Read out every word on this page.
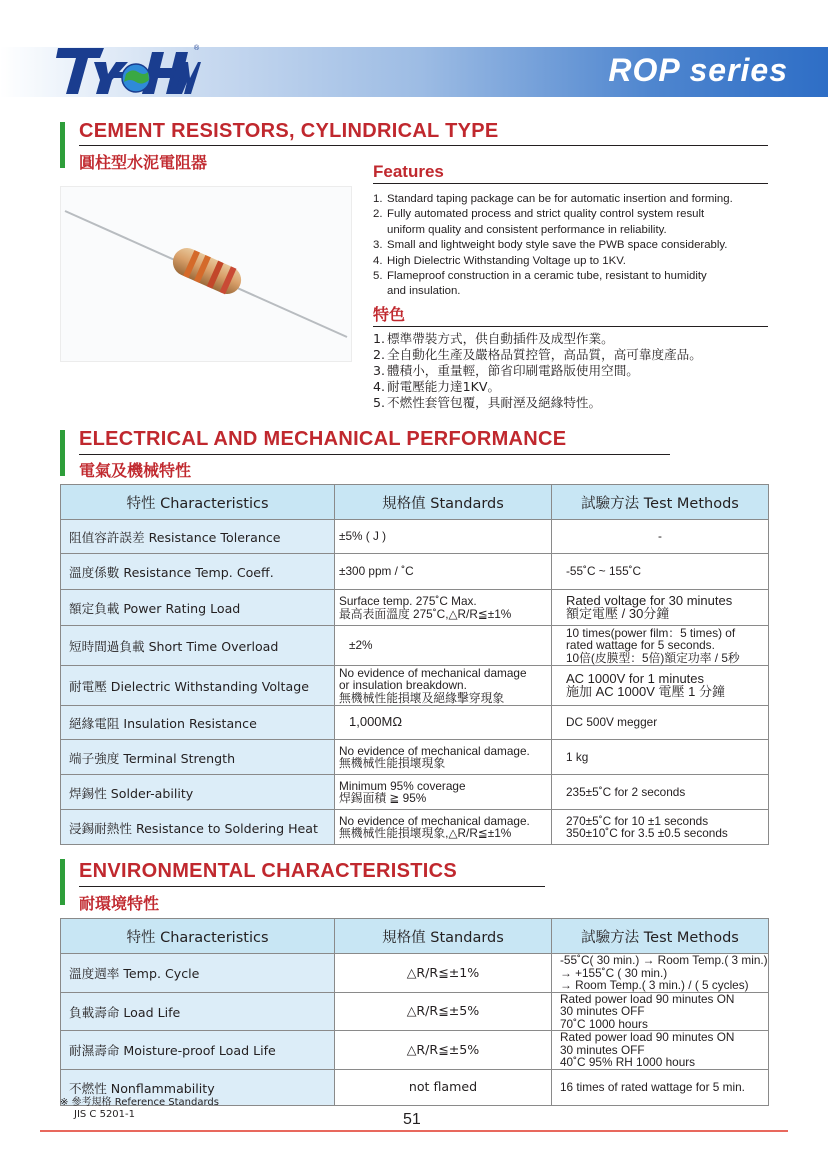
ROP series
®
CEMENT RESISTORS, CYLINDRICAL TYPE
圓柱型水泥電阻器	Features
1. Standard taping package can be for automatic insertion and forming.
2. Fully automated process and strict quality control system result
uniform quality and consistent performance in reliability.
3. Small and lightweight body style save the PWB space considerably.
4. High Dielectric Withstanding Voltage up to 1KV.
5. Flameproof construction in a ceramic tube, resistant to humidity
and insulation.
特色
1. 標準帶裝方式，供自動插件及成型作業。
2. 全自動化生產及嚴格品質控管，高品質，高可靠度產品。
3. 體積小，重量輕，節省印刷電路版使用空間。
4. 耐電壓能力達1KV。
5. 不燃性套管包覆，具耐溼及絕緣特性。
ELECTRICAL AND MECHANICAL PERFORMANCE
電氣及機械特性
特性 Characteristics	規格值 Standards	試驗方法 Test Methods
阻值容許誤差 Resistance Tolerance	±5% ( J )	-

溫度係數 Resistance Temp. Coeff.	±300 ppm / ˚C	-55˚C ~ 155˚C

額定負載 Power Rating Load	Surface temp. 275˚C Max.
最高表面溫度 275˚C,△R/R≦±1%	Rated voltage for 30 minutes
額定電壓 / 30分鐘

短時間過負載 Short Time Overload	±2%	10 times(power film：5 times) of
rated wattage for 5 seconds.
10倍(皮膜型：5倍)額定功率 / 5秒

耐電壓 Dielectric Withstanding Voltage	No evidence of mechanical damage
or insulation breakdown.
無機械性能損壞及絕緣擊穿現象	AC 1000V for 1 minutes
施加 AC 1000V 電壓 1 分鐘

絕緣電阻 Insulation Resistance	1,000MΩ	DC 500V megger

端子強度 Terminal Strength	No evidence of mechanical damage.
無機械性能損壞現象	1 kg

焊錫性 Solder-ability	Minimum 95% coverage
焊錫面積 ≧ 95%	235±5˚C for 2 seconds

浸錫耐熱性 Resistance to Soldering Heat	No evidence of mechanical damage.
無機械性能損壞現象,△R/R≦±1%	270±5˚C for 10 ±1 seconds
350±10˚C for 3.5 ±0.5 seconds
ENVIRONMENTAL CHARACTERISTICS
耐環境特性
特性 Characteristics	規格值 Standards	試驗方法 Test Methods
溫度週率 Temp. Cycle	△R/R≦±1%	-55˚C( 30 min.) → Room Temp.( 3 min.)
→ +155˚C ( 30 min.)
→ Room Temp.( 3 min.) / ( 5 cycles)

負載壽命 Load Life	△R/R≦±5%	Rated power load 90 minutes ON
30 minutes OFF
70˚C 1000 hours

耐濕壽命 Moisture-proof Load Life	△R/R≦±5%	Rated power load 90 minutes ON
30 minutes OFF
40˚C 95% RH 1000 hours

不燃性 Nonflammability	not flamed	16 times of rated wattage for 5 min.
※ 參考規格 Reference Standards
JIS C 5201-1	51
